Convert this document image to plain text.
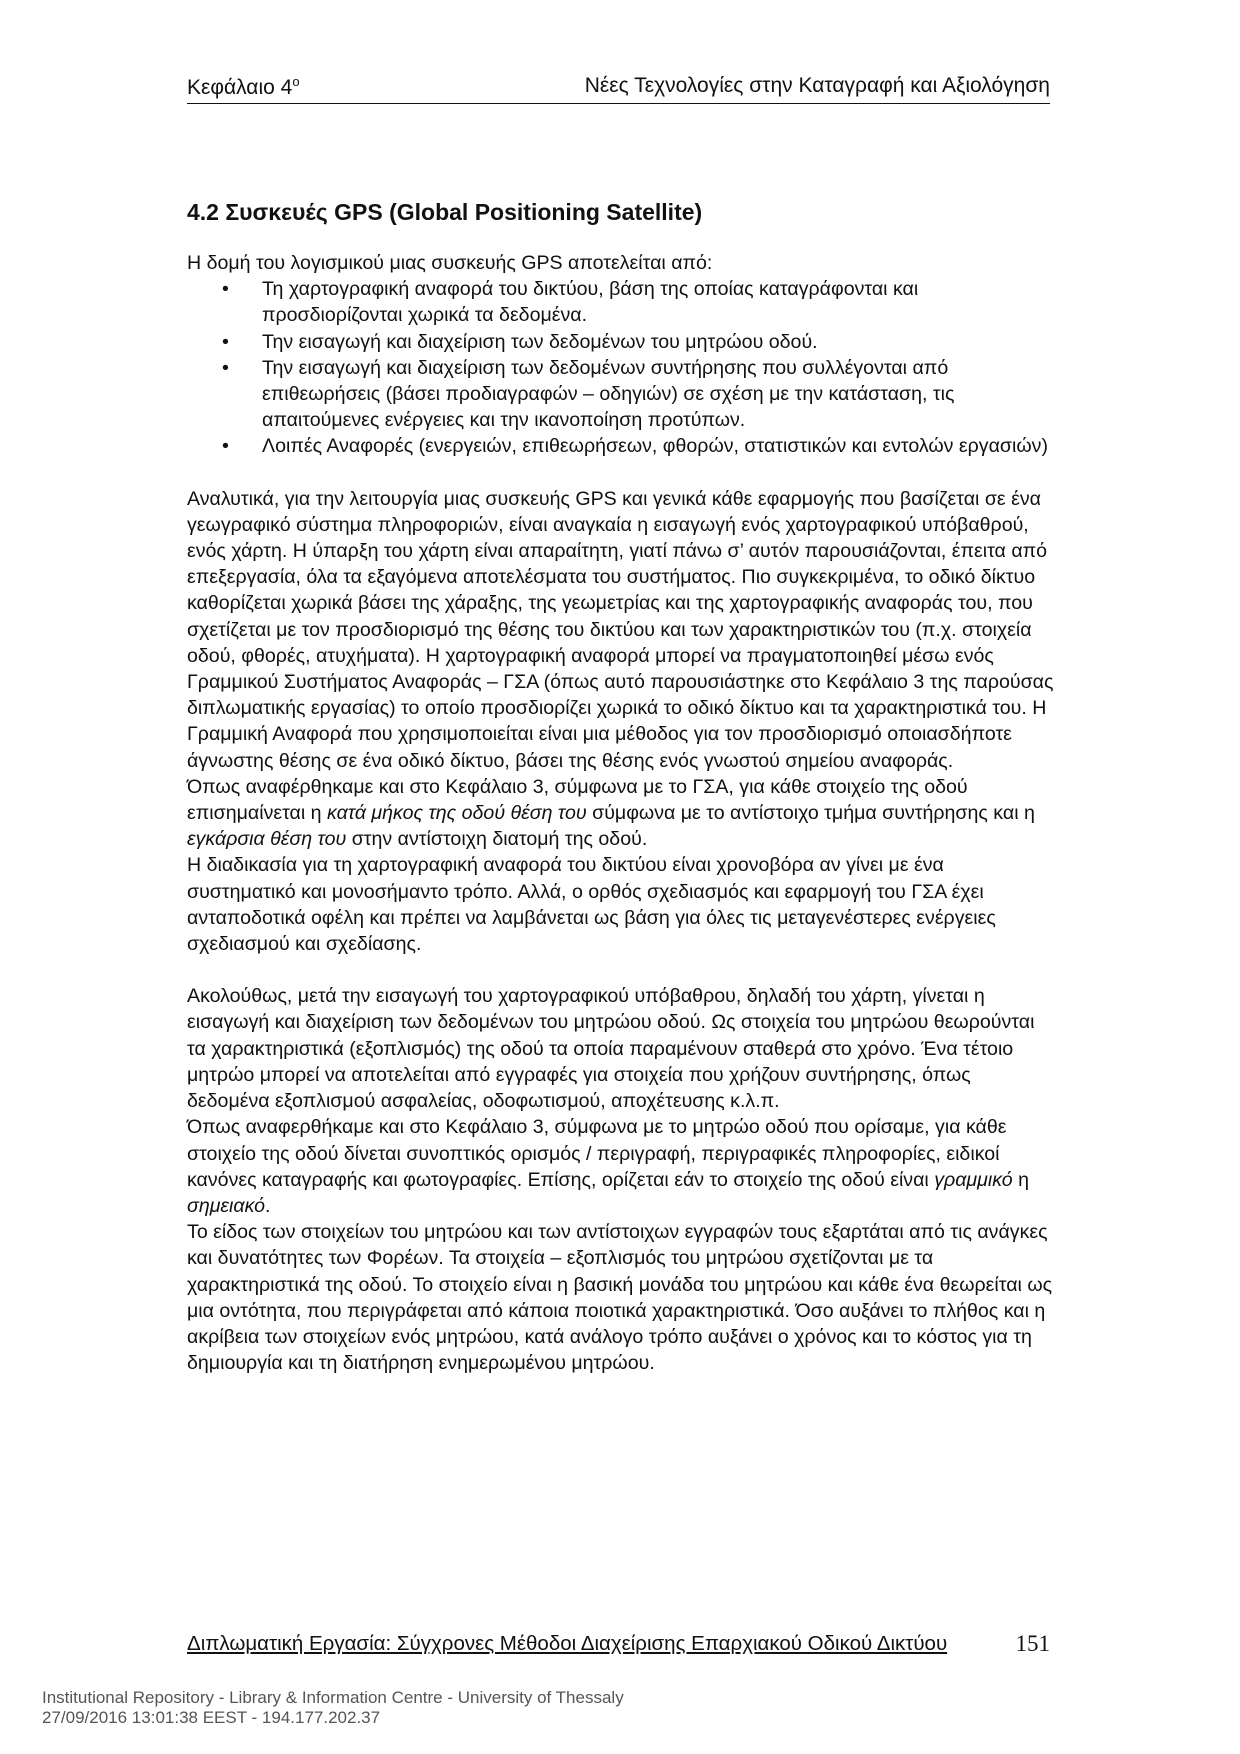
Κεφάλαιο $4^o$	Νέες Τεχνολογίες στην Καταγραφή και Αξιολόγηση
4.2 Συσκευές GPS (Global Positioning Satellite)

Η δομή του λογισμικού μιας συσκευής GPS αποτελείται από:

• Τη χαρτογραφική αναφορά του δικτύου, βάση της οποίας καταγράφονται και προσδιορίζονται χωρικά τα δεδομένα.
• Την εισαγωγή και διαχείριση των δεδομένων του μητρώου οδού.
• Την εισαγωγή και διαχείριση των δεδομένων συντήρησης που συλλέγονται από επιθεωρήσεις (βάσει προδιαγραφών – οδηγιών) σε σχέση με την κατάσταση, τις απαιτούμενες ενέργειες και την ικανοποίηση προτύπων.
• Λοιπές Αναφορές (ενεργειών, επιθεωρήσεων, φθορών, στατιστικών και εντολών εργασιών)

Αναλυτικά, για την λειτουργία μιας συσκευής GPS και γενικά κάθε εφαρμογής που βασίζεται σε ένα γεωγραφικό σύστημα πληροφοριών, είναι αναγκαία η εισαγωγή ενός χαρτογραφικού υπόβαθρού, ενός χάρτη. Η ύπαρξη του χάρτη είναι απαραίτητη, γιατί πάνω σ’ αυτόν παρουσιάζονται, έπειτα από επεξεργασία, όλα τα εξαγόμενα αποτελέσματα του συστήματος. Πιο συγκεκριμένα, το οδικό δίκτυο καθορίζεται χωρικά βάσει της χάραξης, της γεωμετρίας και της χαρτογραφικής αναφοράς του, που σχετίζεται με τον προσδιορισμό της θέσης του δικτύου και των χαρακτηριστικών του (π.χ. στοιχεία οδού, φθορές, ατυχήματα). Η χαρτογραφική αναφορά μπορεί να πραγματοποιηθεί μέσω ενός Γραμμικού Συστήματος Αναφοράς – ΓΣΑ (όπως αυτό παρουσιάστηκε στο Κεφάλαιο 3 της παρούσας διπλωματικής εργασίας) το οποίο προσδιορίζει χωρικά το οδικό δίκτυο και τα χαρακτηριστικά του. Η Γραμμική Αναφορά που χρησιμοποιείται είναι μια μέθοδος για τον προσδιορισμό οποιασδήποτε άγνωστης θέσης σε ένα οδικό δίκτυο, βάσει της θέσης ενός γνωστού σημείου αναφοράς.

Όπως αναφέρθηκαμε και στο Κεφάλαιο 3, σύμφωνα με το ΓΣΑ, για κάθε στοιχείο της οδού επισημαίνεται η κατά μήκος της οδού θέση του σύμφωνα με το αντίστοιχο τμήμα συντήρησης και η εγκάρσια θέση του στην αντίστοιχη διατομή της οδού.

Η διαδικασία για τη χαρτογραφική αναφορά του δικτύου είναι χρονοβόρα αν γίνει με ένα συστηματικό και μονοσήμαντο τρόπο. Αλλά, ο ορθός σχεδιασμός και εφαρμογή του ΓΣΑ έχει ανταποδοτικά οφέλη και πρέπει να λαμβάνεται ως βάση για όλες τις μεταγενέστερες ενέργειες σχεδιασμού και σχεδίασης.

Ακολούθως, μετά την εισαγωγή του χαρτογραφικού υπόβαθρου, δηλαδή του χάρτη, γίνεται η εισαγωγή και διαχείριση των δεδομένων του μητρώου οδού. Ως στοιχεία του μητρώου θεωρούνται τα χαρακτηριστικά (εξοπλισμός) της οδού τα οποία παραμένουν σταθερά στο χρόνο. Ένα τέτοιο μητρώο μπορεί να αποτελείται από εγγραφές για στοιχεία που χρήζουν συντήρησης, όπως δεδομένα εξοπλισμού ασφαλείας, οδοφωτισμού, αποχέτευσης κ.λ.π.

Όπως αναφερθήκαμε και στο Κεφάλαιο 3, σύμφωνα με το μητρώο οδού που ορίσαμε, για κάθε στοιχείο της οδού δίνεται συνοπτικός ορισμός / περιγραφή, περιγραφικές πληροφορίες, ειδικοί κανόνες καταγραφής και φωτογραφίες. Επίσης, ορίζεται εάν το στοιχείο της οδού είναι γραμμικό η σημειακό.

Το είδος των στοιχείων του μητρώου και των αντίστοιχων εγγραφών τους εξαρτάται από τις ανάγκες και δυνατότητες των Φορέων. Τα στοιχεία – εξοπλισμός του μητρώου σχετίζονται με τα χαρακτηριστικά της οδού. Το στοιχείο είναι η βασική μονάδα του μητρώου και κάθε ένα θεωρείται ως μια οντότητα, που περιγράφεται από κάποια ποιοτικά χαρακτηριστικά. Όσο αυξάνει το πλήθος και η ακρίβεια των στοιχείων ενός μητρώου, κατά ανάλογο τρόπο αυξάνει ο χρόνος και το κόστος για τη δημιουργία και τη διατήρηση ενημερωμένου μητρώου.

Διπλωματική Εργασία: Σύγχρονες Μέθοδοι Διαχείρισης Επαρχιακού Οδικού Δικτύου	151
Institutional Repository - Library & Information Centre - University of Thessaly
27/09/2016 13:01:38 EEST - 194.177.202.37
